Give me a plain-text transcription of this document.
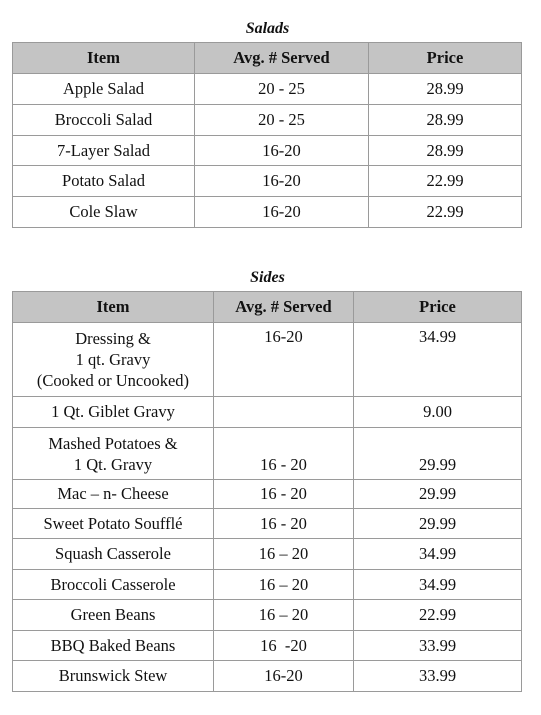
Salads
Item	Avg. # Served	Price
Apple Salad	20 - 25	28.99
Broccoli Salad	20 - 25	28.99
7-Layer Salad	16-20	28.99
Potato Salad	16-20	22.99
Cole Slaw	16-20	22.99
Sides
Item	Avg. # Served	Price

Dressing &
1 qt. Gravy
(Cooked or Uncooked)	16-20	34.99
1 Qt. Giblet Gravy		9.00

Mashed Potatoes &
1 Qt. Gravy	16 - 20	29.99
Mac – n- Cheese	16 - 20	29.99
Sweet Potato Soufflé	16 - 20	29.99
Squash Casserole	16 – 20	34.99
Broccoli Casserole	16 – 20	34.99
Green Beans	16 – 20	22.99
BBQ Baked Beans	16  -20	33.99
Brunswick Stew	16-20	33.99
